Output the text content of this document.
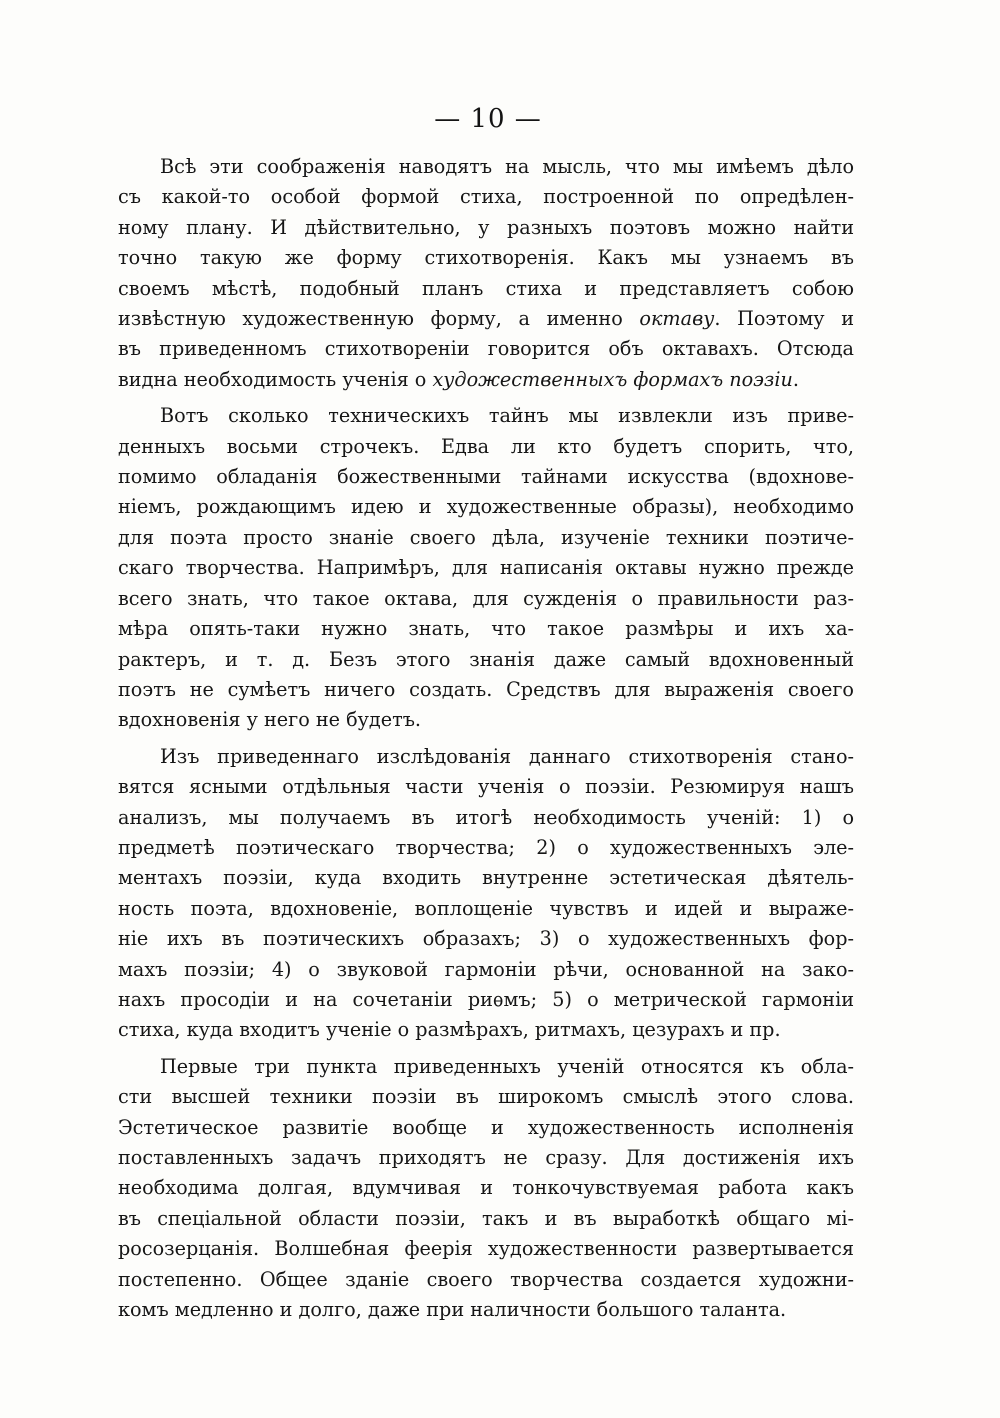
— 10 —
Всѣ эти соображенія наводятъ на мысль, что мы имѣемъ дѣло
съ какой-то особой формой стиха, построенной по опредѣлен-
ному плану. И дѣйствительно, у разныхъ поэтовъ можно найти
точно такую же форму стихотворенія. Какъ мы узнаемъ въ
своемъ мѣстѣ, подобный планъ стиха и представляетъ собою
извѣстную художественную форму, а именно октаву. Поэтому и
въ приведенномъ стихотвореніи говорится объ октавахъ. Отсюда
видна необходимость ученія о художественныхъ формахъ поэзіи.
Вотъ сколько техническихъ тайнъ мы извлекли изъ приве-
денныхъ восьми строчекъ. Едва ли кто будетъ спорить, что,
помимо обладанія божественными тайнами искусства (вдохнове-
ніемъ, рождающимъ идею и художественные образы), необходимо
для поэта просто знаніе своего дѣла, изученіе техники поэтиче-
скаго творчества. Напримѣръ, для написанія октавы нужно прежде
всего знать, что такое октава, для сужденія о правильности раз-
мѣра опять-таки нужно знать, что такое размѣры и ихъ ха-
рактеръ, и т. д. Безъ этого знанія даже самый вдохновенный
поэтъ не сумѣетъ ничего создать. Средствъ для выраженія своего
вдохновенія у него не будетъ.
Изъ приведеннаго изслѣдованія даннаго стихотворенія стано-
вятся ясными отдѣльныя части ученія о поэзіи. Резюмируя нашъ
анализъ, мы получаемъ въ итогѣ необходимость ученій: 1) о
предметѣ поэтическаго творчества; 2) о художественныхъ эле-
ментахъ поэзіи, куда входить внутренне эстетическая дѣятель-
ность поэта, вдохновеніе, воплощеніе чувствъ и идей и выраже-
ніе ихъ въ поэтическихъ образахъ; 3) о художественныхъ фор-
махъ поэзіи; 4) о звуковой гармоніи рѣчи, основанной на зако-
нахъ просодіи и на сочетаніи риѳмъ; 5) о метрической гармоніи
стиха, куда входитъ ученіе о размѣрахъ, ритмахъ, цезурахъ и пр.
Первые три пункта приведенныхъ ученій относятся къ обла-
сти высшей техники поэзіи въ широкомъ смыслѣ этого слова.
Эстетическое развитіе вообще и художественность исполненія
поставленныхъ задачъ приходятъ не сразу. Для достиженія ихъ
необходима долгая, вдумчивая и тонкочувствуемая работа какъ
въ спеціальной области поэзіи, такъ и въ выработкѣ общаго мі-
росозерцанія. Волшебная феерія художественности развертывается
постепенно. Общее зданіе своего творчества создается художни-
комъ медленно и долго, даже при наличности большого таланта.
